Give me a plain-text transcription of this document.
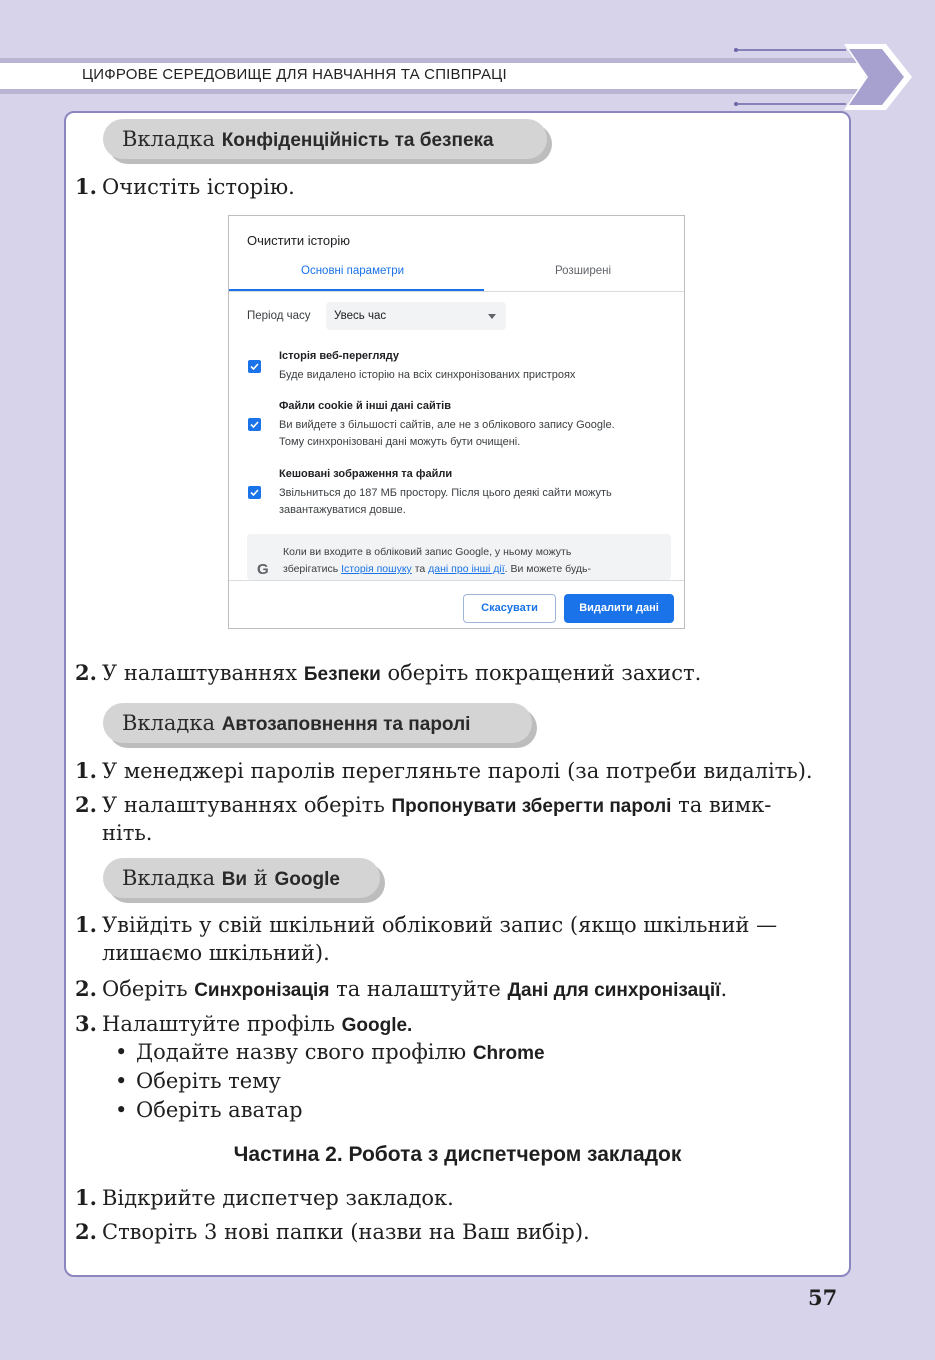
ЦИФРОВЕ СЕРЕДОВИЩЕ ДЛЯ НАВЧАННЯ ТА СПІВПРАЦІ
Вкладка Конфіденційність та безпека
1. Очистіть історію.
Очистити історію
Основні параметри	Розширені
Період часу Увесь час
Історія веб-перегляду
Буде видалено історію на всіх синхронізованих пристроях
Файли cookie й інші дані сайтів
Ви вийдете з більшості сайтів, але не з облікового запису Google.
Тому синхронізовані дані можуть бути очищені.
Кешовані зображення та файли
Звільниться до 187 МБ простору. Після цього деякі сайти можуть
завантажуватися довше.
G
Коли ви входите в обліковий запис Google, у ньому можуть
зберігатись Історія пошуку та дані про інші дії. Ви можете будь-
Скасувати	Видалити дані
2. У налаштуваннях Безпеки оберіть покращений захист.
Вкладка Автозаповнення та паролі
1. У менеджері паролів перегляньте паролі (за потреби видаліть).
2. У налаштуваннях оберіть Пропонувати зберегти паролі та вимк-
ніть.
Вкладка Ви й Google
1. Увійдіть у свій шкільний обліковий запис (якщо шкільний —
лишаємо шкільний).
2. Оберіть Синхронізація та налаштуйте Дані для синхронізації.
3. Налаштуйте профіль Google.
• Додайте назву свого профілю Chrome
• Оберіть тему
• Оберіть аватар
Частина 2. Робота з диспетчером закладок
1. Відкрийте диспетчер закладок.
2. Створіть 3 нові папки (назви на Ваш вибір).
57
